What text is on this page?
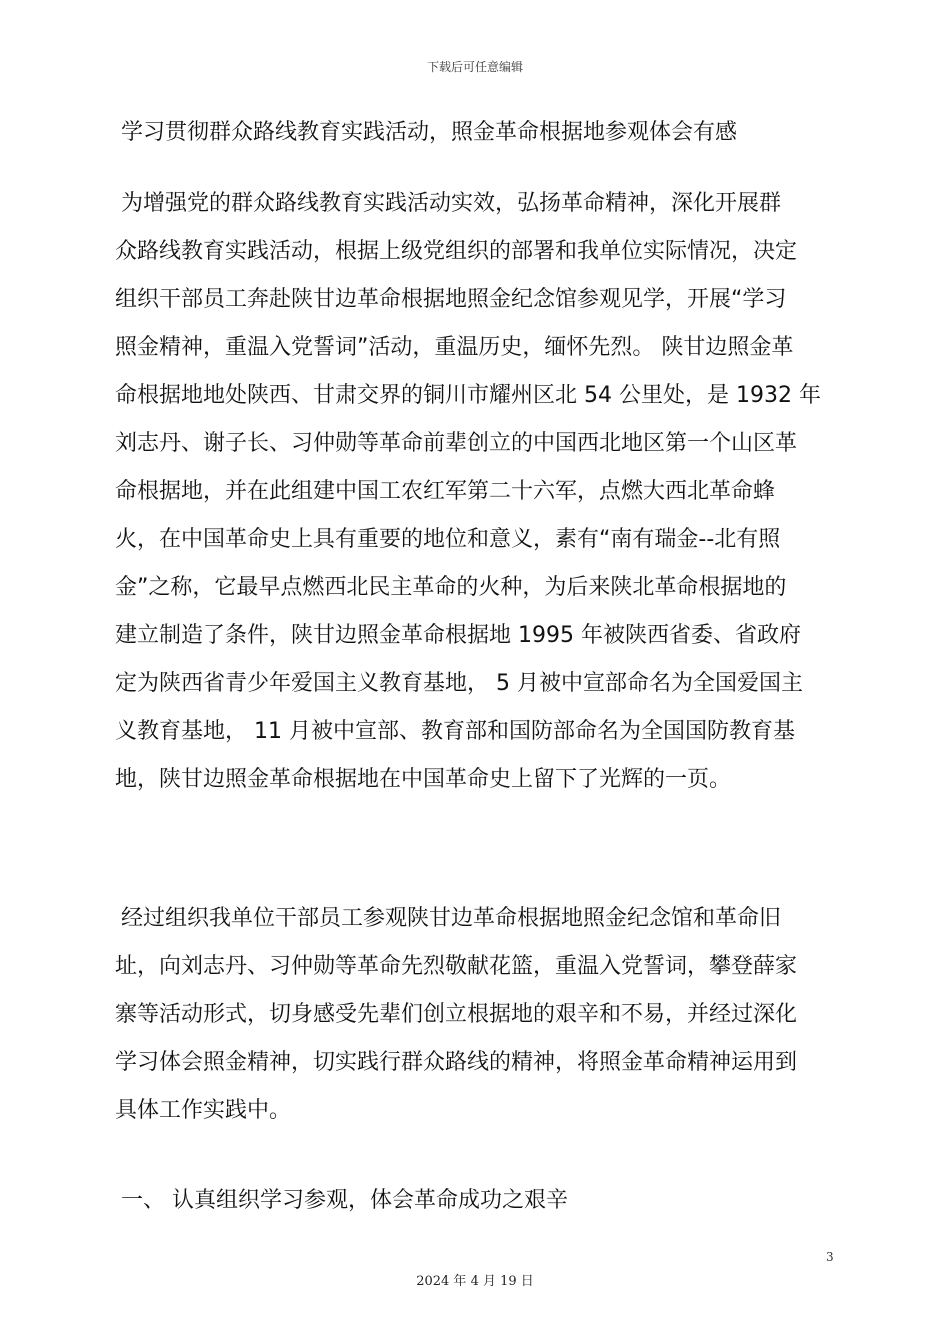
下载后可任意编辑
学习贯彻群众路线教育实践活动，照金革命根据地参观体会有感
为增强党的群众路线教育实践活动实效，弘扬革命精神，深化开展群
众路线教育实践活动，根据上级党组织的部署和我单位实际情况，决定
组织干部员工奔赴陕甘边革命根据地照金纪念馆参观见学，开展“学习
照金精神，重温入党誓词”活动，重温历史，缅怀先烈。 陕甘边照金革
命根据地地处陕西、甘肃交界的铜川市耀州区北 54 公里处，是 1932 年
刘志丹、谢子长、习仲勋等革命前辈创立的中国西北地区第一个山区革
命根据地，并在此组建中国工农红军第二十六军，点燃大西北革命蜂
火，在中国革命史上具有重要的地位和意义，素有“南有瑞金--北有照
金”之称，它最早点燃西北民主革命的火种，为后来陕北革命根据地的
建立制造了条件，陕甘边照金革命根据地 1995 年被陕西省委、省政府
定为陕西省青少年爱国主义教育基地， 5 月被中宣部命名为全国爱国主
义教育基地， 11 月被中宣部、教育部和国防部命名为全国国防教育基
地，陕甘边照金革命根据地在中国革命史上留下了光辉的一页。
经过组织我单位干部员工参观陕甘边革命根据地照金纪念馆和革命旧
址，向刘志丹、习仲勋等革命先烈敬献花篮，重温入党誓词，攀登薛家
寨等活动形式，切身感受先辈们创立根据地的艰辛和不易，并经过深化
学习体会照金精神，切实践行群众路线的精神，将照金革命精神运用到
具体工作实践中。
一、 认真组织学习参观，体会革命成功之艰辛
3
2024 年 4 月 19 日
